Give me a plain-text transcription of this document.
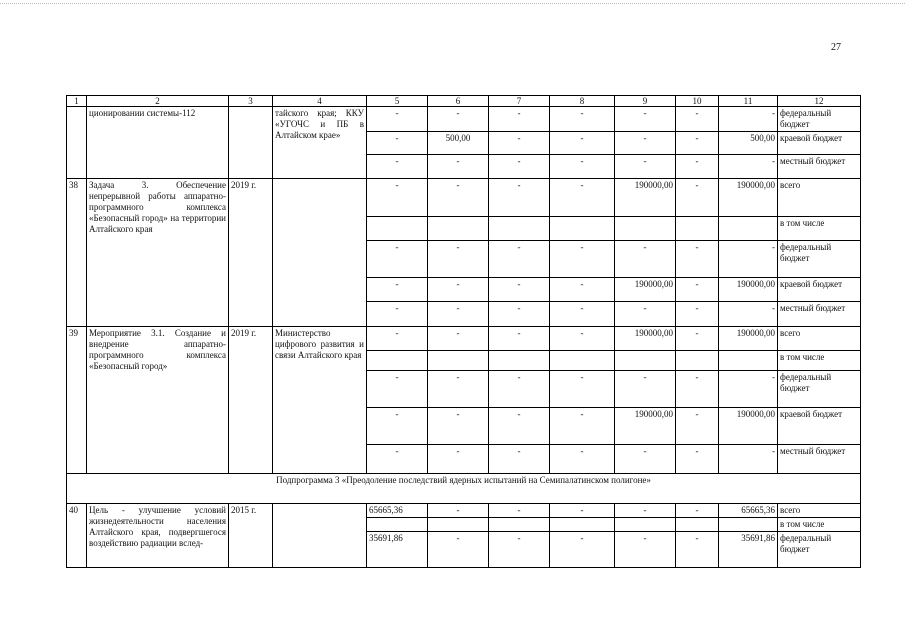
27
1	2	3	4	5	6	7	8	9	10	11	12
	ционировании системы-112		тайского края; ККУ «УГОЧС и ПБ в Алтайском крае»	-	-	-	-	-	-	-	федеральный бюджет
				-	500,00	-	-	-	-	500,00	краевой бюджет
				-	-	-	-	-	-	-	местный бюджет
38	Задача 3. Обеспечение непрерывной работы аппаратно-программного комплекса «Безопасный город» на территории Алтайского края	2019 г.		-	-	-	-	190000,00	-	190000,00	всего
											в том числе
				-	-	-	-	-	-	-	федеральный бюджет
				-	-	-	-	190000,00	-	190000,00	краевой бюджет
				-	-	-	-	-	-	-	местный бюджет
39	Мероприятие 3.1. Создание и внедрение аппаратно-программного комплекса «Безопасный город»	2019 г.	Министерство цифрового развития и связи Алтайского края	-	-	-	-	190000,00	-	190000,00	всего
											в том числе
				-	-	-	-	-	-	-	федеральный бюджет
				-	-	-	-	190000,00	-	190000,00	краевой бюджет
				-	-	-	-	-	-	-	местный бюджет
Подпрограмма 3 «Преодоление последствий ядерных испытаний на Семипалатинском полигоне»											
40	Цель - улучшение условий жизнедеятельности населения Алтайского края, подвергшегося воздействию радиации вслед-	2015 г.		65665,36	-	-	-	-	-	65665,36	всего
											в том числе
				35691,86	-	-	-	-	-	35691,86	федеральный бюджет
